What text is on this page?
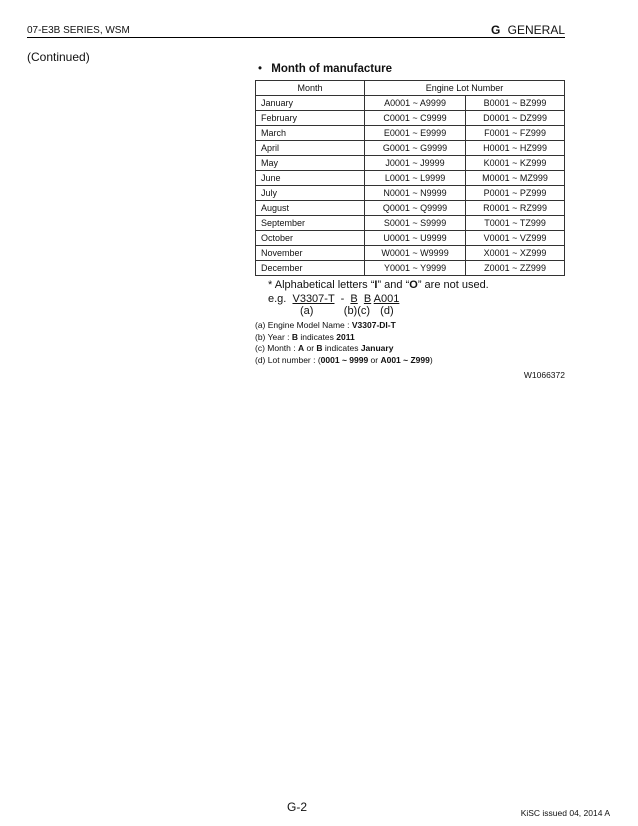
07-E3B SERIES, WSM	G GENERAL
(Continued)
• Month of manufacture
Month	Engine Lot Number	
January	A0001 ~ A9999	B0001 ~ BZ999
February	C0001 ~ C9999	D0001 ~ DZ999
March	E0001 ~ E9999	F0001 ~ FZ999
April	G0001 ~ G9999	H0001 ~ HZ999
May	J0001 ~ J9999	K0001 ~ KZ999
June	L0001 ~ L9999	M0001 ~ MZ999
July	N0001 ~ N9999	P0001 ~ PZ999
August	Q0001 ~ Q9999	R0001 ~ RZ999
September	S0001 ~ S9999	T0001 ~ TZ999
October	U0001 ~ U9999	V0001 ~ VZ999
November	W0001 ~ W9999	X0001 ~ XZ999
December	Y0001 ~ Y9999	Z0001 ~ ZZ999
* Alphabetical letters “I” and “O” are not used.
e.g. V3307-T - B B A001
(a)      (b)(c)  (d)
(a) Engine Model Name : V3307-DI-T
(b) Year : B indicates 2011
(c) Month : A or B indicates January
(d) Lot number : (0001 ~ 9999 or A001 ~ Z999)
W1066372
G-2	KiSC issued 04, 2014 A
